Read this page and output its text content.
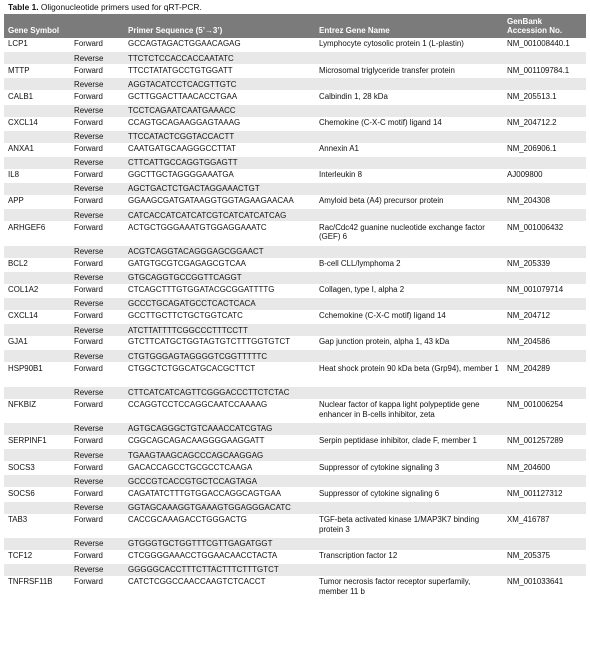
Table 1. Oligonucleotide primers used for qRT-PCR.
Gene Symbol		Primer Sequence (5’→3’)	Entrez Gene Name	GenBank
Accession No.
LCP1	Forward	GCCAGTAGACTGGAACAGAG	Lymphocyte cytosolic protein 1 (L-plastin)	NM_001008440.1
	Reverse	TTCTCTCCACCACCAATATC		
MTTP	Forward	TTCCTATATGCCTGTGGATT	Microsomal triglyceride transfer protein	NM_001109784.1
	Reverse	AGGTACATCCTCACGTTGTC		
CALB1	Forward	GCTTGGACTTAACACCTGAA	Calbindin 1, 28 kDa	NM_205513.1
	Reverse	TCCTCAGAATCAATGAAACC		
CXCL14	Forward	CCAGTGCAGAAGGAGTAAAG	Chemokine (C-X-C motif) ligand 14	NM_204712.2
	Reverse	TTCCATACTCGGTACCACTT		
ANXA1	Forward	CAATGATGCAAGGGCCTTAT	Annexin A1	NM_206906.1
	Reverse	CTTCATTGCCAGGTGGAGTT		
IL8	Forward	GGCTTGCTAGGGGAAATGA	Interleukin 8	AJ009800
	Reverse	AGCTGACTCTGACTAGGAAACTGT		
APP	Forward	GGAAGCGATGATAAGGTGGTAGAAGAACAA	Amyloid beta (A4) precursor protein	NM_204308
	Reverse	CATCACCATCATCATCGTCATCATCATCAG		
ARHGEF6	Forward	ACTGCTGGGAAATGTGGAGGAAATC	Rac/Cdc42 guanine nucleotide exchange factor (GEF) 6	NM_001006432
	Reverse	ACGTCAGGTACAGGGAGCGGAACT		
BCL2	Forward	GATGTGCGTCGAGAGCGTCAA	B-cell CLL/lymphoma 2	NM_205339
	Reverse	GTGCAGGTGCCGGTTCAGGT		
COL1A2	Forward	CTCAGCTTTGTGGATACGCGGATTTTG	Collagen, type I, alpha 2	NM_001079714
	Reverse	GCCCTGCAGATGCCTCACTCACA		
CXCL14	Forward	GCCTTGCTTCTGCTGGTCATC	Cchemokine (C-X-C motif) ligand 14	NM_204712
	Reverse	ATCTTATTTTCGGCCCTTTCCTT		
GJA1	Forward	GTCTTCATGCTGGTAGTGTCTTTGGTGTCT	Gap junction protein, alpha 1, 43 kDa	NM_204586
	Reverse	CTGTGGGAGTAGGGGTCGGTTTTTC		
HSP90B1	Forward	CTGGCTCTGGCATGCACGCTTCT	Heat shock protein 90 kDa beta (Grp94), member 1	NM_204289
	Reverse	CTTCATCATCAGTTCGGGACCCTTCTCTAC		
NFKBIZ	Forward	CCAGGTCCTCCAGGCAATCCAAAAG	Nuclear factor of kappa light polypeptide gene enhancer in B-cells inhibitor, zeta	NM_001006254
	Reverse	AGTGCAGGGCTGTCAAACCATCGTAG		
SERPINF1	Forward	CGGCAGCAGACAAGGGGAAGGATT	Serpin peptidase inhibitor, clade F, member 1	NM_001257289
	Reverse	TGAAGTAAGCAGCCCAGCAAGGAG		
SOCS3	Forward	GACACCAGCCTGCGCCTCAAGA	Suppressor of cytokine signaling 3	NM_204600
	Reverse	GCCCGTCACCGTGCTCCAGTAGA		
SOCS6	Forward	CAGATATCTTTGTGGACCAGGCAGTGAA	Suppressor of cytokine signaling 6	NM_001127312
	Reverse	GGTAGCAAAGGTGAAAGTGGAGGGACATC		
TAB3	Forward	CACCGCAAAGACCTGGGACTG	TGF-beta activated kinase 1/MAP3K7 binding protein 3	XM_416787
	Reverse	GTGGGTGCTGGTTTCGTTGAGATGGT		
TCF12	Forward	CTCGGGGAAACCTGGAACAACCTACTA	Transcription factor 12	NM_205375
	Reverse	GGGGGCACCTTTCTTACTTTCTTTGTCT		
TNFRSF11B	Forward	CATCTCGGCCAACCAAGTCTCACCT	Tumor necrosis factor receptor superfamily, member 11 b	NM_001033641
